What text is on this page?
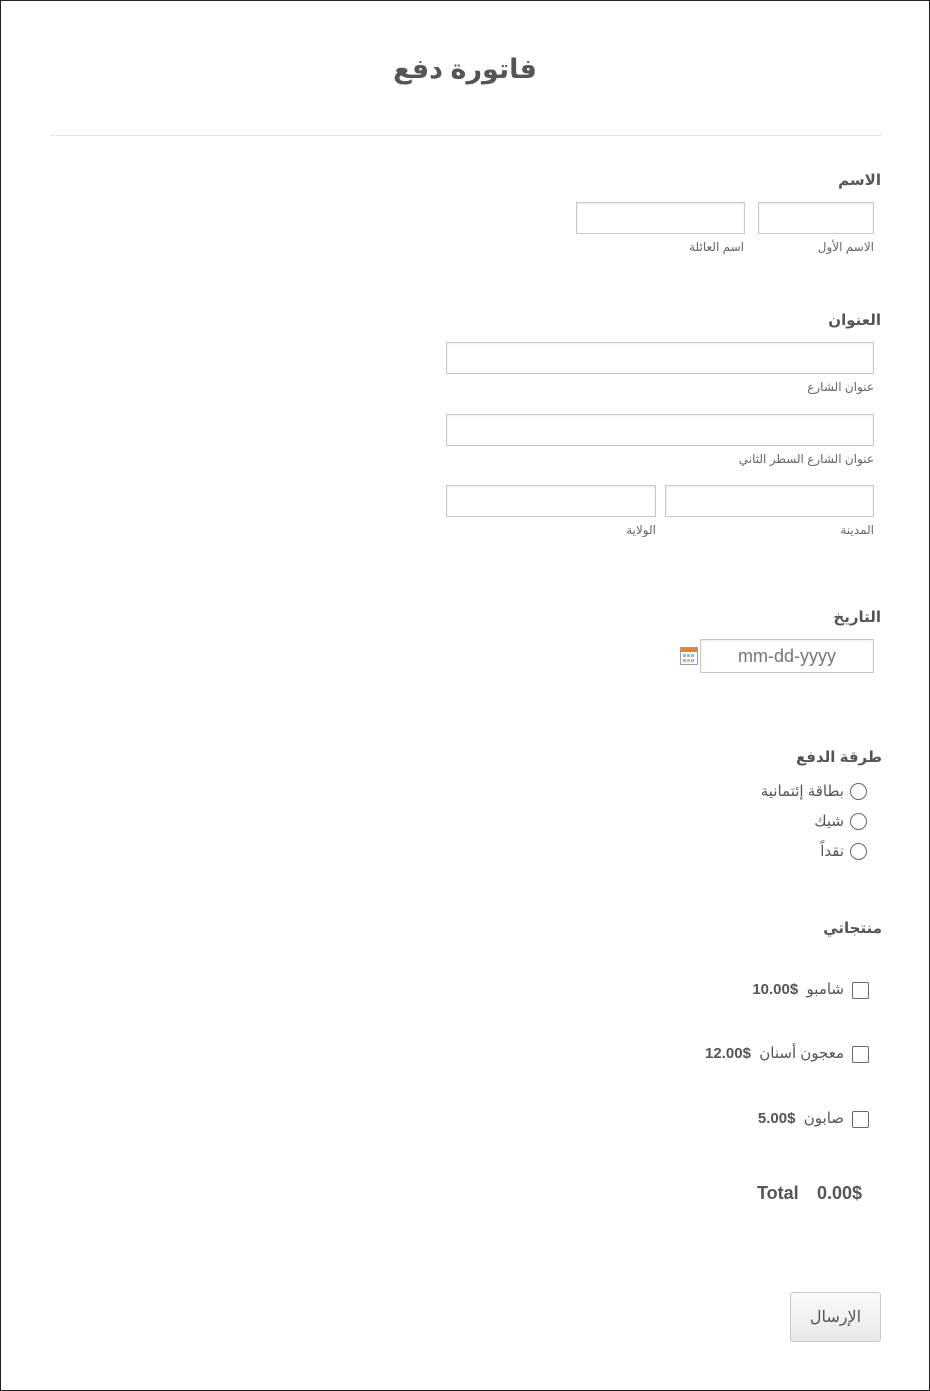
فاتورة دفع
الاسم
الاسم الأول
اسم العائلة
العنوان
عنوان الشارع
عنوان الشارع السطر الثاني
المدينة
الولاية
التاريخ
mm-dd-yyyy
طرقة الدفع
بطاقة إئتمانية
شيك
نقداً
منتجاتي
شامبو  $10.00
معجون أسنان  $12.00
صابون  $5.00
Total 0.00$
الإرسال
